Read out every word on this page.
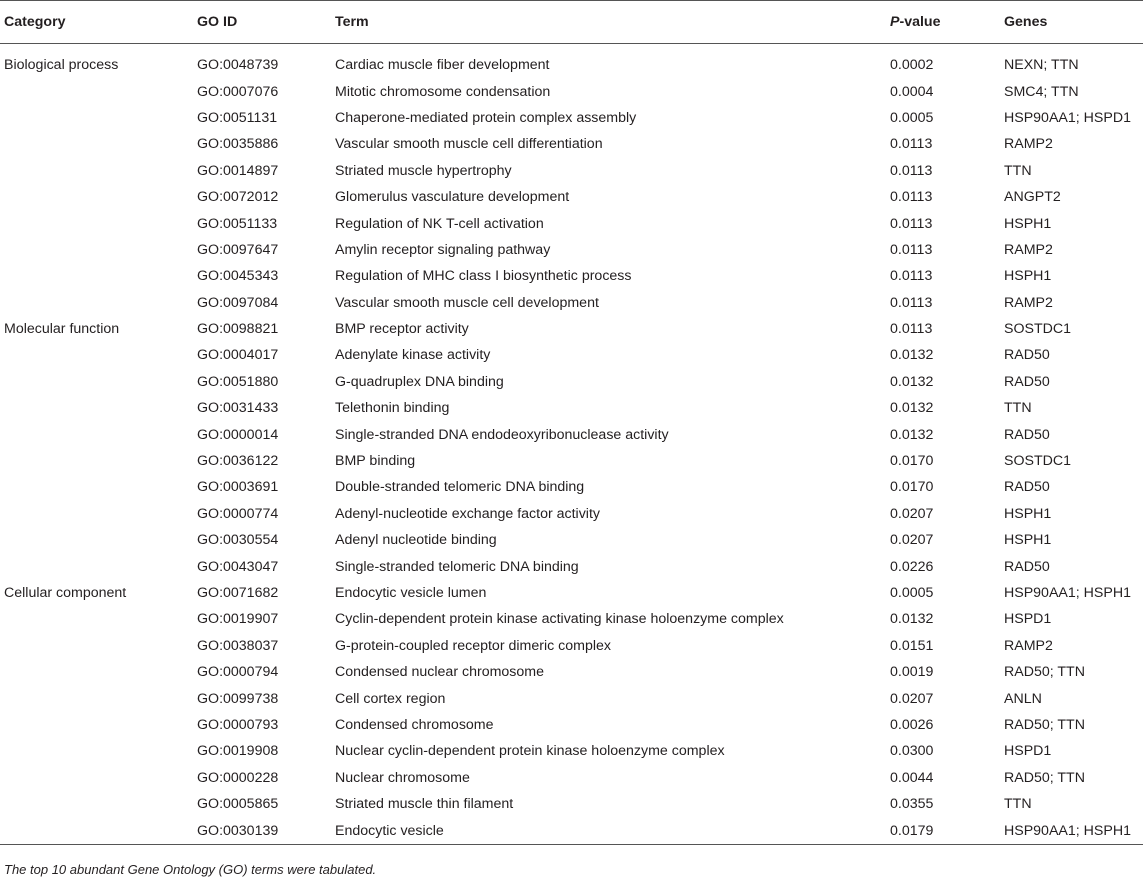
Category	GO ID	Term	P-value	Genes
Biological process	GO:0048739	Cardiac muscle fiber development	0.0002	NEXN; TTN
	GO:0007076	Mitotic chromosome condensation	0.0004	SMC4; TTN
	GO:0051131	Chaperone-mediated protein complex assembly	0.0005	HSP90AA1; HSPD1
	GO:0035886	Vascular smooth muscle cell differentiation	0.0113	RAMP2
	GO:0014897	Striated muscle hypertrophy	0.0113	TTN
	GO:0072012	Glomerulus vasculature development	0.0113	ANGPT2
	GO:0051133	Regulation of NK T-cell activation	0.0113	HSPH1
	GO:0097647	Amylin receptor signaling pathway	0.0113	RAMP2
	GO:0045343	Regulation of MHC class I biosynthetic process	0.0113	HSPH1
	GO:0097084	Vascular smooth muscle cell development	0.0113	RAMP2
Molecular function	GO:0098821	BMP receptor activity	0.0113	SOSTDC1
	GO:0004017	Adenylate kinase activity	0.0132	RAD50
	GO:0051880	G-quadruplex DNA binding	0.0132	RAD50
	GO:0031433	Telethonin binding	0.0132	TTN
	GO:0000014	Single-stranded DNA endodeoxyribonuclease activity	0.0132	RAD50
	GO:0036122	BMP binding	0.0170	SOSTDC1
	GO:0003691	Double-stranded telomeric DNA binding	0.0170	RAD50
	GO:0000774	Adenyl-nucleotide exchange factor activity	0.0207	HSPH1
	GO:0030554	Adenyl nucleotide binding	0.0207	HSPH1
	GO:0043047	Single-stranded telomeric DNA binding	0.0226	RAD50
Cellular component	GO:0071682	Endocytic vesicle lumen	0.0005	HSP90AA1; HSPH1
	GO:0019907	Cyclin-dependent protein kinase activating kinase holoenzyme complex	0.0132	HSPD1
	GO:0038037	G-protein-coupled receptor dimeric complex	0.0151	RAMP2
	GO:0000794	Condensed nuclear chromosome	0.0019	RAD50; TTN
	GO:0099738	Cell cortex region	0.0207	ANLN
	GO:0000793	Condensed chromosome	0.0026	RAD50; TTN
	GO:0019908	Nuclear cyclin-dependent protein kinase holoenzyme complex	0.0300	HSPD1
	GO:0000228	Nuclear chromosome	0.0044	RAD50; TTN
	GO:0005865	Striated muscle thin filament	0.0355	TTN
	GO:0030139	Endocytic vesicle	0.0179	HSP90AA1; HSPH1
The top 10 abundant Gene Ontology (GO) terms were tabulated.
